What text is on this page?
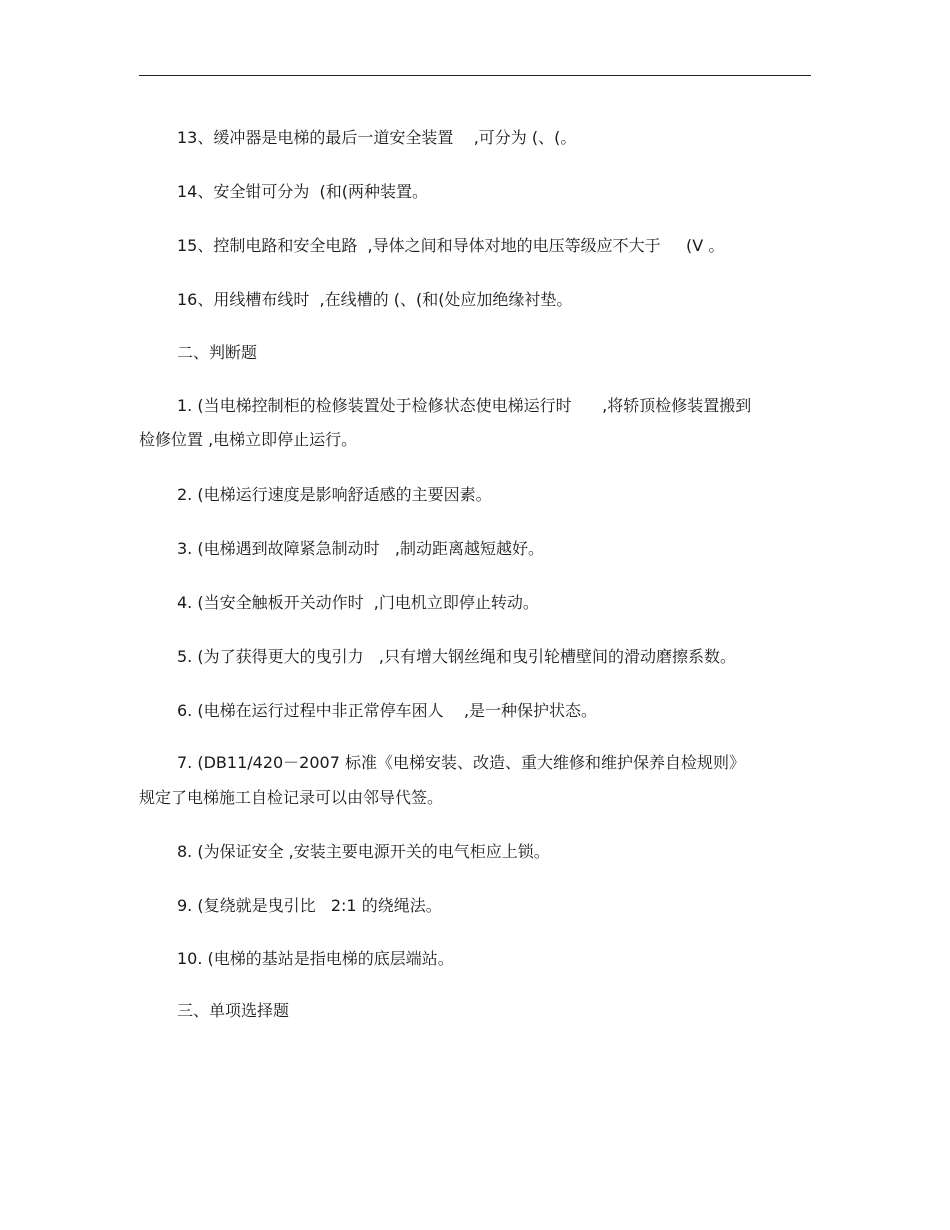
13、缓冲器是电梯的最后一道安全装置    ,可分为 (、(。
14、安全钳可分为  (和(两种装置。
15、控制电路和安全电路  ,导体之间和导体对地的电压等级应不大于     (V 。
16、用线槽布线时  ,在线槽的 (、(和(处应加绝缘衬垫。
二、判断题
1. (当电梯控制柜的检修装置处于检修状态使电梯运行时      ,将轿顶检修装置搬到
检修位置 ,电梯立即停止运行。
2. (电梯运行速度是影响舒适感的主要因素。
3. (电梯遇到故障紧急制动时   ,制动距离越短越好。
4. (当安全触板开关动作时  ,门电机立即停止转动。
5. (为了获得更大的曳引力   ,只有增大钢丝绳和曳引轮槽壁间的滑动磨擦系数。
6. (电梯在运行过程中非正常停车困人    ,是一种保护状态。
7. (DB11/420－2007 标准《电梯安装、改造、重大维修和维护保养自检规则》
规定了电梯施工自检记录可以由邻导代签。
8. (为保证安全 ,安装主要电源开关的电气柜应上锁。
9. (复绕就是曳引比   2:1 的绕绳法。
10. (电梯的基站是指电梯的底层端站。
三、单项选择题
